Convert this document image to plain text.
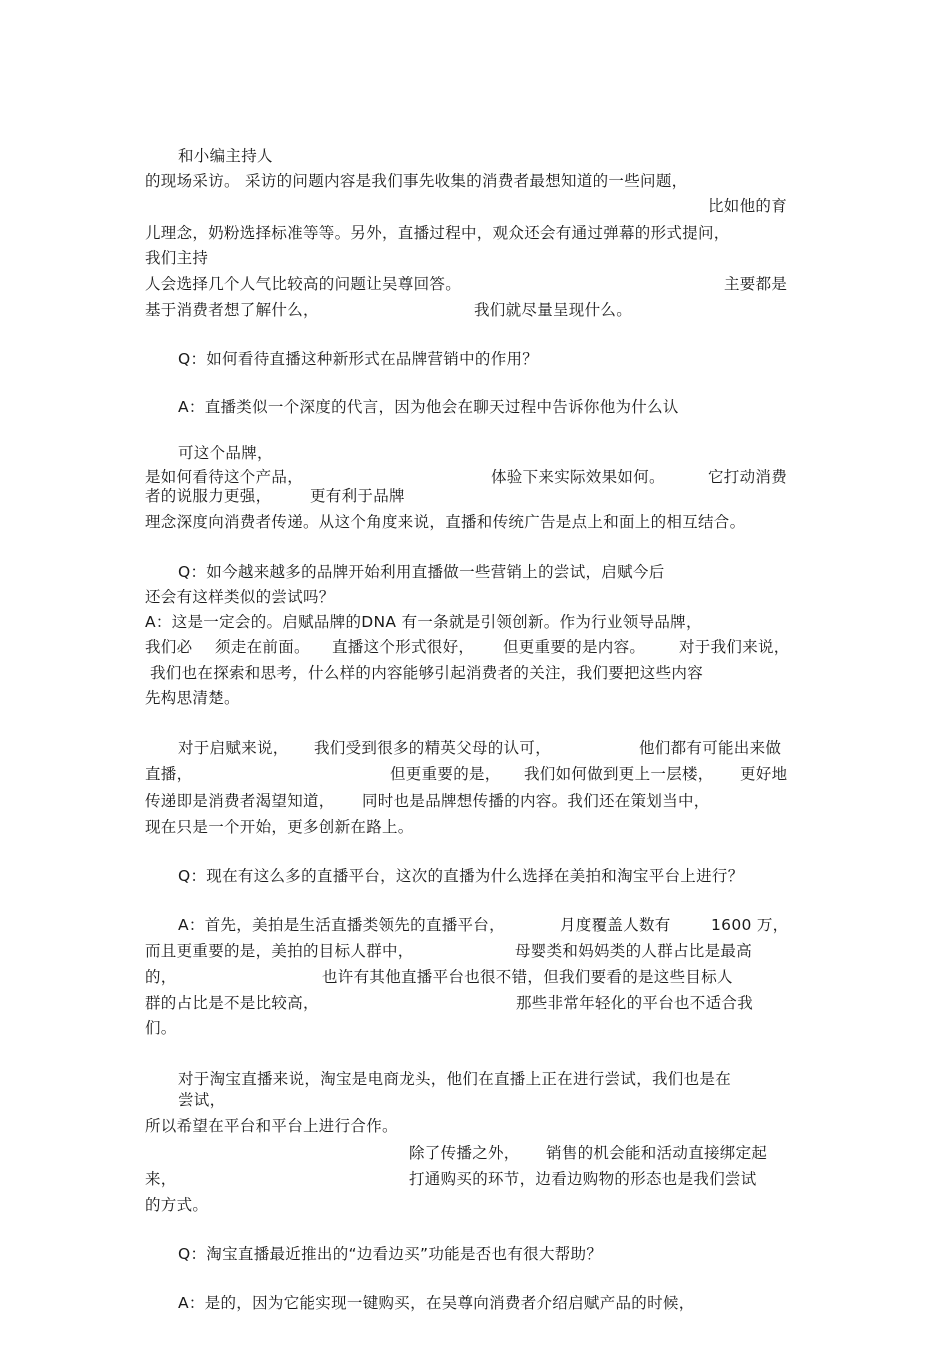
和小编主持人
的现场采访。 采访的问题内容是我们事先收集的消费者最想知道的一些问题，
比如他的育
儿理念，奶粉选择标准等等。另外，直播过程中，观众还会有通过弹幕的形式提问，
我们主持
人会选择几个人气比较高的问题让吴尊回答。	主要都是
基于消费者想了解什么，	我们就尽量呈现什么。
Q：如何看待直播这种新形式在品牌营销中的作用？
A：直播类似一个深度的代言，因为他会在聊天过程中告诉你他为什么认
可这个品牌，
是如何看待这个产品，	体验下来实际效果如何。	它打动消费
者的说服力更强， 更有利于品牌
理念深度向消费者传递。从这个角度来说，直播和传统广告是点上和面上的相互结合。
Q：如今越来越多的品牌开始利用直播做一些营销上的尝试，启赋今后
还会有这样类似的尝试吗？
A：这是一定会的。启赋品牌的DNA 有一条就是引领创新。作为行业领导品牌，
我们必 须走在前面。 直播这个形式很好， 但更重要的是内容。 对于我们来说，
我们也在探索和思考，什么样的内容能够引起消费者的关注，我们要把这些内容
先构思清楚。
对于启赋来说， 我们受到很多的精英父母的认可，	他们都有可能出来做
直播，	但更重要的是， 我们如何做到更上一层楼， 更好地
传递即是消费者渴望知道， 同时也是品牌想传播的内容。我们还在策划当中，
现在只是一个开始，更多创新在路上。
Q：现在有这么多的直播平台，这次的直播为什么选择在美拍和淘宝平台上进行？
A：首先，美拍是生活直播类领先的直播平台，	月度覆盖人数有	1600 万，
而且更重要的是，美拍的目标人群中，	母婴类和妈妈类的人群占比是最高
的，	也许有其他直播平台也很不错，但我们要看的是这些目标人
群的占比是不是比较高，	那些非常年轻化的平台也不适合我
们。
对于淘宝直播来说，淘宝是电商龙头，他们在直播上正在进行尝试，我们也是在
尝试，
所以希望在平台和平台上进行合作。
除了传播之外， 销售的机会能和活动直接绑定起
来，	打通购买的环节，边看边购物的形态也是我们尝试
的方式。
Q：淘宝直播最近推出的“边看边买”功能是否也有很大帮助？
A：是的，因为它能实现一键购买，在吴尊向消费者介绍启赋产品的时候，
